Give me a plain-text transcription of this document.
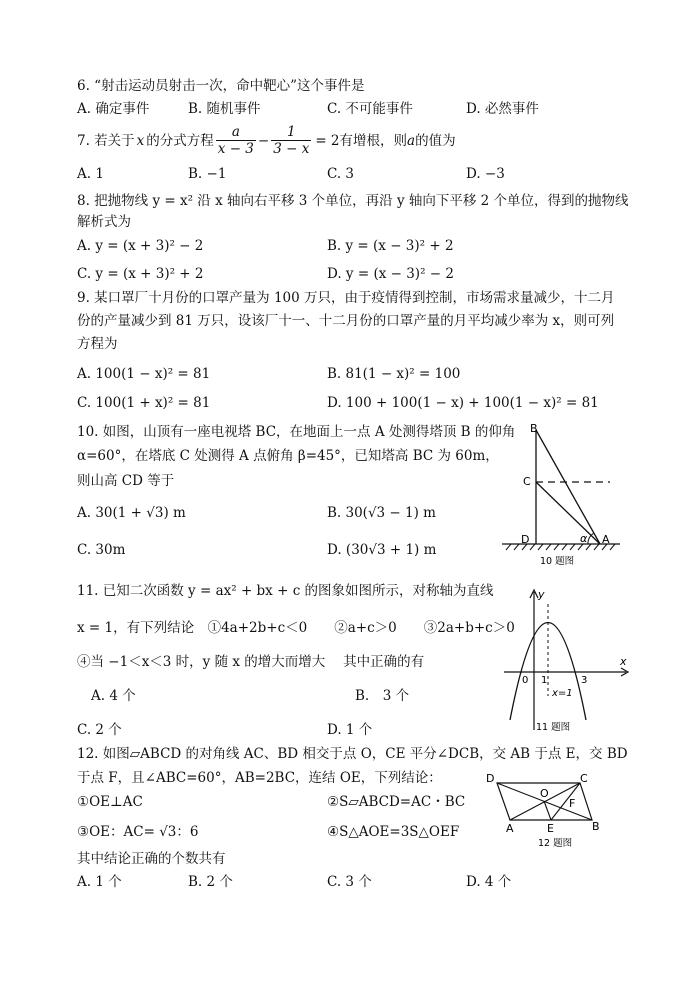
6. “射击运动员射击一次，命中靶心”这个事件是
A. 确定事件	B. 随机事件	C. 不可能事件	D. 必然事件
7. 若关于 x 的分式方程 $\frac{a}{x - 3} - \frac{1}{3 - x} = 2$ 有增根，则 a 的值为
A. 1	B. −1	C. 3	D. −3
8. 把抛物线 y = x² 沿 x 轴向右平移 3 个单位，再沿 y 轴向下平移 2 个单位，得到的抛物线
解析式为
A. y = (x + 3)² − 2	B. y = (x − 3)² + 2
C. y = (x + 3)² + 2	D. y = (x − 3)² − 2
9. 某口罩厂十月份的口罩产量为 100 万只，由于疫情得到控制，市场需求量减少，十二月
份的产量减少到 81 万只，设该厂十一、十二月份的口罩产量的月平均减少率为 x，则可列
方程为
A. 100(1 − x)² = 81	B. 81(1 − x)² = 100
C. 100(1 + x)² = 81	D. 100 + 100(1 − x) + 100(1 − x)² = 81
10. 如图，山顶有一座电视塔 BC，在地面上一点 A 处测得塔顶 B 的仰角
α=60°，在塔底 C 处测得 A 点俯角 β=45°，已知塔高 BC 为 60m，
则山高 CD 等于
A. 30(1 + √3) m	B. 30(√3 − 1) m
C. 30m	D. (30√3 + 1) m
B
C
D	A
α
10 题图
11. 已知二次函数 y = ax² + bx + c 的图象如图所示，对称轴为直线
x = 1，有下列结论　①4a+2b+c＜0　　②a+c＞0　　③2a+b+c＞0
④当 −1＜x＜3 时，y 随 x 的增大而增大　 其中正确的有
A. 4 个	B.　3 个
C. 2 个	D. 1 个
y
x
0 1	3
x=1
11 题图
12. 如图▱ABCD 的对角线 AC、BD 相交于点 O，CE 平分∠DCB，交 AB 于点 E，交 BD
于点 F，且∠ABC=60°，AB=2BC，连结 OE，下列结论：
①OE⊥AC	②S▱ABCD=AC・BC
③OE：AC= √3：6	④S△AOE=3S△OEF
其中结论正确的个数共有
A. 1 个	B. 2 个	C. 3 个	D. 4 个
D	C
O
F
A	E	B
12 题图
